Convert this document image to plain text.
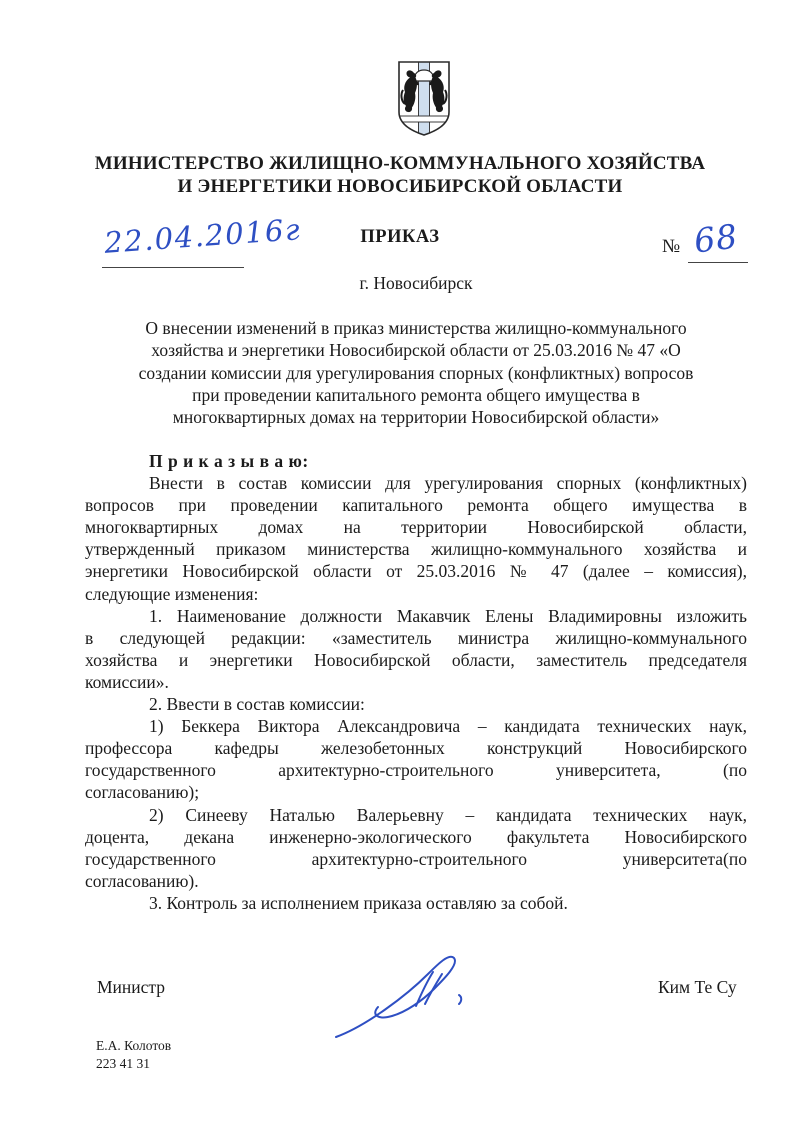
МИНИСТЕРСТВО ЖИЛИЩНО-КОММУНАЛЬНОГО ХОЗЯЙСТВА
И ЭНЕРГЕТИКИ НОВОСИБИРСКОЙ ОБЛАСТИ
22.04.2016г	ПРИКАЗ	№ 68
г. Новосибирск
О внесении изменений в приказ министерства жилищно-коммунального
хозяйства и энергетики Новосибирской области от 25.03.2016 № 47 «О
создании комиссии для урегулирования спорных (конфликтных) вопросов
при проведении капитального ремонта общего имущества в
многоквартирных домах на территории Новосибирской области»
П р и к а з ы в а ю:
Внести в состав комиссии для урегулирования спорных (конфликтных)
вопросов при проведении капитального ремонта общего имущества в
многоквартирных домах на территории Новосибирской области,
утвержденный приказом министерства жилищно-коммунального хозяйства и
энергетики Новосибирской области от 25.03.2016 № 47 (далее – комиссия),
следующие изменения:
1. Наименование должности Макавчик Елены Владимировны изложить
в следующей редакции: «заместитель министра жилищно-коммунального
хозяйства и энергетики Новосибирской области, заместитель председателя
комиссии».
2. Ввести в состав комиссии:
1) Беккера Виктора Александровича – кандидата технических наук,
профессора кафедры железобетонных конструкций Новосибирского
государственного архитектурно-строительного университета, (по
согласованию);
2) Синееву Наталью Валерьевну – кандидата технических наук,
доцента, декана инженерно-экологического факультета Новосибирского
государственного архитектурно-строительного университета(по
согласованию).
3. Контроль за исполнением приказа оставляю за собой.
Министр	Ким Те Су
Е.А. Колотов
223 41 31
